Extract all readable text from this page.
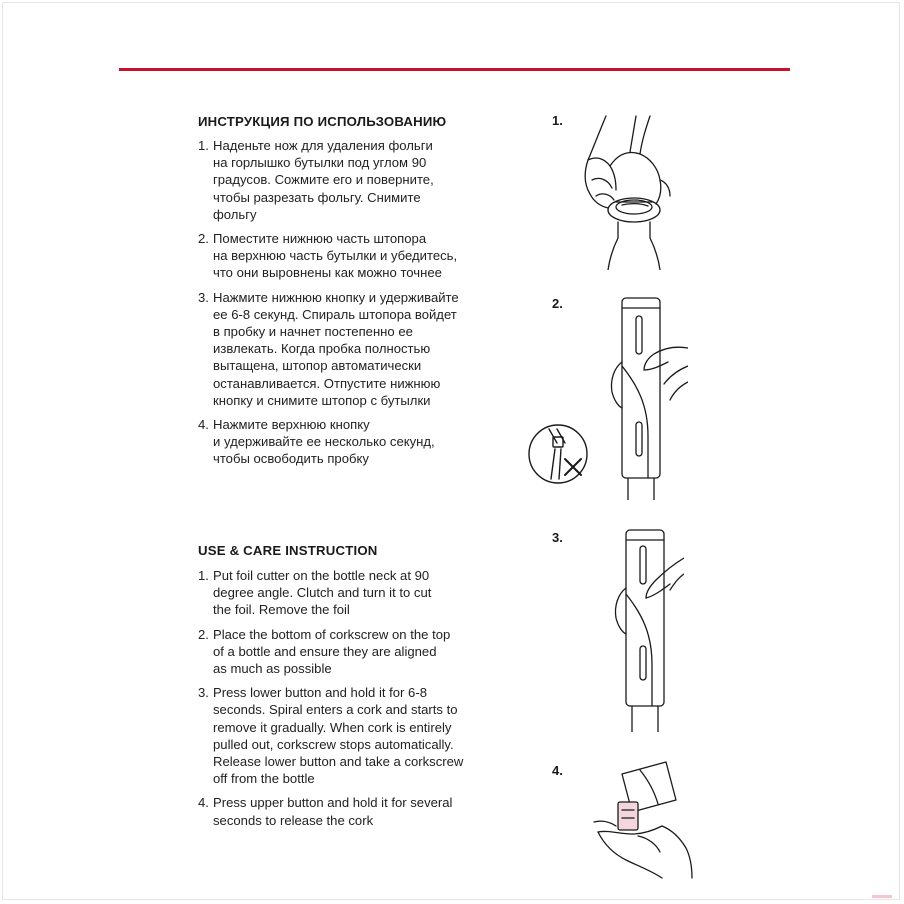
ИНСТРУКЦИЯ ПО ИСПОЛЬЗОВАНИЮ
1. Наденьте нож для удаления фольги
на горлышко бутылки под углом 90
градусов. Сожмите его и поверните,
чтобы разрезать фольгу. Снимите
фольгу
2. Поместите нижнюю часть штопора
на верхнюю часть бутылки и убедитесь,
что они выровнены как можно точнее
3. Нажмите нижнюю кнопку и удерживайте
ее 6-8 секунд. Спираль штопора войдет
в пробку и начнет постепенно ее
извлекать. Когда пробка полностью
вытащена, штопор автоматически
останавливается. Отпустите нижнюю
кнопку и снимите штопор с бутылки
4. Нажмите верхнюю кнопку
и удерживайте ее несколько секунд,
чтобы освободить пробку
USE & CARE INSTRUCTION
1. Put foil cutter on the bottle neck at 90
degree angle. Clutch and turn it to cut
the foil. Remove the foil
2. Place the bottom of corkscrew on the top
of a bottle and ensure they are aligned
as much as possible
3. Press lower button and hold it for 6-8
seconds. Spiral enters a cork and starts to
remove it gradually. When cork is entirely
pulled out, corkscrew stops automatically.
Release lower button and take a corkscrew
off from the bottle
4. Press upper button and hold it for several
seconds to release the cork
1.
2.
3.
4.
